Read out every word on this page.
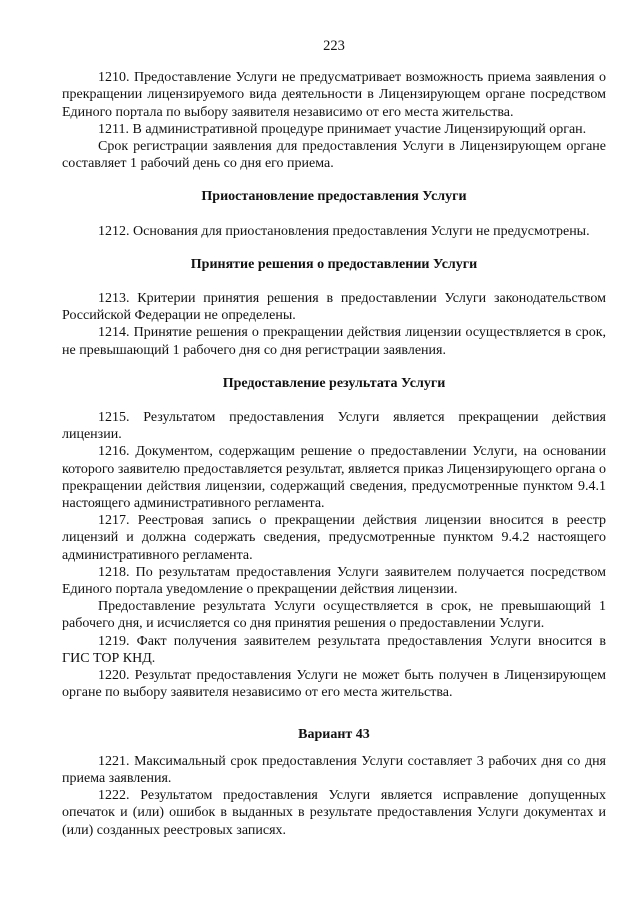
223

1210. Предоставление Услуги не предусматривает возможность приема заявления о прекращении лицензируемого вида деятельности в Лицензирующем органе посредством Единого портала по выбору заявителя независимо от его места жительства.

1211. В административной процедуре принимает участие Лицензирующий орган.

Срок регистрации заявления для предоставления Услуги в Лицензирующем органе составляет 1 рабочий день со дня его приема.

Приостановление предоставления Услуги

1212. Основания для приостановления предоставления Услуги не предусмотрены.

Принятие решения о предоставлении Услуги

1213. Критерии принятия решения в предоставлении Услуги законодательством Российской Федерации не определены.

1214. Принятие решения о прекращении действия лицензии осуществляется в срок, не превышающий 1 рабочего дня со дня регистрации заявления.

Предоставление результата Услуги

1215. Результатом предоставления Услуги является прекращении действия лицензии.

1216. Документом, содержащим решение о предоставлении Услуги, на основании которого заявителю предоставляется результат, является приказ Лицензирующего органа о прекращении действия лицензии, содержащий сведения, предусмотренные пунктом 9.4.1 настоящего административного регламента.

1217. Реестровая запись о прекращении действия лицензии вносится в реестр лицензий и должна содержать сведения, предусмотренные пунктом 9.4.2 настоящего административного регламента.

1218. По результатам предоставления Услуги заявителем получается посредством Единого портала уведомление о прекращении действия лицензии.

Предоставление результата Услуги осуществляется в срок, не превышающий 1 рабочего дня, и исчисляется со дня принятия решения о предоставлении Услуги.

1219. Факт получения заявителем результата предоставления Услуги вносится в ГИС ТОР КНД.

1220. Результат предоставления Услуги не может быть получен в Лицензирующем органе по выбору заявителя независимо от его места жительства.

Вариант 43

1221. Максимальный срок предоставления Услуги составляет 3 рабочих дня со дня приема заявления.

1222. Результатом предоставления Услуги является исправление допущенных опечаток и (или) ошибок в выданных в результате предоставления Услуги документах и (или) созданных реестровых записях.
